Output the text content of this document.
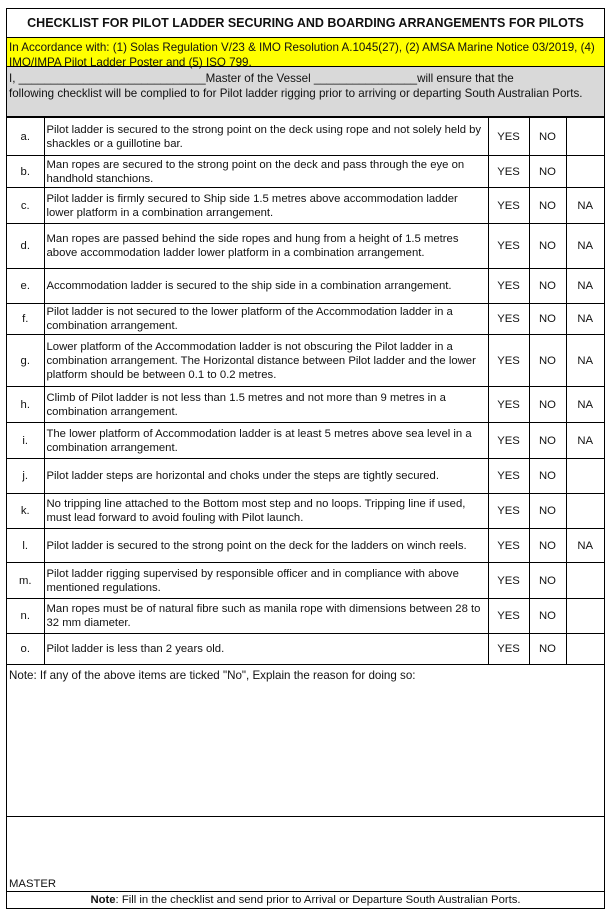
CHECKLIST FOR PILOT LADDER SECURING AND BOARDING ARRANGEMENTS FOR PILOTS
In Accordance with: (1) Solas Regulation V/23 & IMO Resolution A.1045(27), (2) AMSA Marine Notice 03/2019, (4) IMO/IMPA Pilot Ladder Poster and (5) ISO 799.
I, _____________________________Master of the Vessel ________________will ensure that the
following checklist will be complied to for Pilot ladder rigging prior to arriving or departing South Australian Ports.
a.	Pilot ladder is secured to the strong point on the deck using rope and not solely held by shackles or a guillotine bar.	YES	NO	
b.	Man ropes are secured to the strong point on the deck and pass through the eye on handhold stanchions.	YES	NO	
c.	Pilot ladder is firmly secured to Ship side 1.5 metres above accommodation ladder lower platform in a combination arrangement.	YES	NO	NA
d.	Man ropes are passed behind the side ropes and hung from a height of 1.5 metres above accommodation ladder lower platform in a combination arrangement.	YES	NO	NA
e.	Accommodation ladder is secured to the ship side in a combination arrangement.	YES	NO	NA
f.	Pilot ladder is not secured to the lower platform of the Accommodation ladder in a combination arrangement.	YES	NO	NA
g.	Lower platform of the Accommodation ladder is not obscuring the Pilot ladder in a combination arrangement. The Horizontal distance between Pilot ladder and the lower platform should be between 0.1 to 0.2 metres.	YES	NO	NA
h.	Climb of Pilot ladder is not less than 1.5 metres and not more than 9 metres in a combination arrangement.	YES	NO	NA
i.	The lower platform of Accommodation ladder is at least 5 metres above sea level in a combination arrangement.	YES	NO	NA
j.	Pilot ladder steps are horizontal and choks under the steps are tightly secured.	YES	NO	
k.	No tripping line attached to the Bottom most step and no loops. Tripping line if used, must lead forward to avoid fouling with Pilot launch.	YES	NO	
l.	Pilot ladder is secured to the strong point on the deck for the ladders on winch reels.	YES	NO	NA
m.	Pilot ladder rigging supervised by responsible officer and in compliance with above mentioned regulations.	YES	NO	
n.	Man ropes must be of natural fibre such as manila rope with dimensions between 28 to 32 mm diameter.	YES	NO	
o.	Pilot ladder is less than 2 years old.	YES	NO	
Note: If any of the above items are ticked "No", Explain the reason for doing so:
MASTER
Note: Fill in the checklist and send prior to Arrival or Departure South Australian Ports.
